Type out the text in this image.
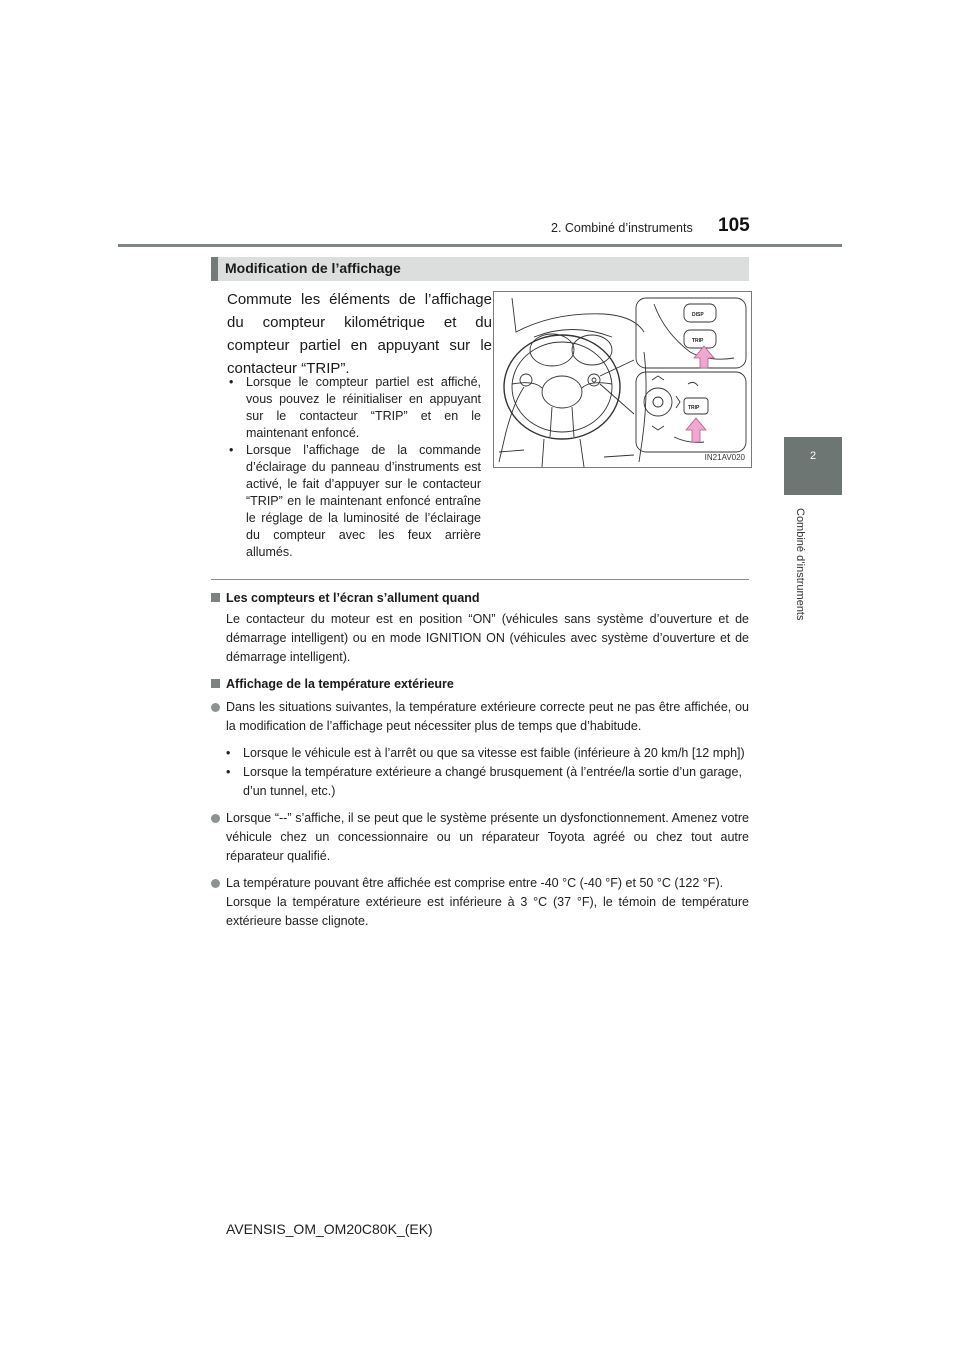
2. Combiné d’instruments 105
2
Combiné d’instruments
Modification de l’affichage
Commute les éléments de l’affichage du compteur kilométrique et du compteur partiel en appuyant sur le contacteur “TRIP”.
• Lorsque le compteur partiel est affiché, vous pouvez le réinitialiser en appuyant sur le contacteur “TRIP” et en le maintenant enfoncé.
• Lorsque l’affichage de la commande d’éclairage du panneau d’instruments est activé, le fait d’appuyer sur le contacteur “TRIP” en le maintenant enfoncé entraîne le réglage de la luminosité de l’éclairage du compteur avec les feux arrière allumés.
DISP
TRIP
TRIP
IN21AV020
Les compteurs et l’écran s’allument quand
Le contacteur du moteur est en position “ON” (véhicules sans système d’ouverture et de démarrage intelligent) ou en mode IGNITION ON (véhicules avec système d’ouverture et de démarrage intelligent).
Affichage de la température extérieure
Dans les situations suivantes, la température extérieure correcte peut ne pas être affichée, ou la modification de l’affichage peut nécessiter plus de temps que d’habitude.
• Lorsque le véhicule est à l’arrêt ou que sa vitesse est faible (inférieure à 20 km/h [12 mph])
• Lorsque la température extérieure a changé brusquement (à l’entrée/la sortie d’un garage, d’un tunnel, etc.)
Lorsque “--” s’affiche, il se peut que le système présente un dysfonctionnement. Amenez votre véhicule chez un concessionnaire ou un réparateur Toyota agréé ou chez tout autre réparateur qualifié.
La température pouvant être affichée est comprise entre -40 °C (-40 °F) et 50 °C (122 °F).
Lorsque la température extérieure est inférieure à 3 °C (37 °F), le témoin de température extérieure basse clignote.
AVENSIS_OM_OM20C80K_(EK)
